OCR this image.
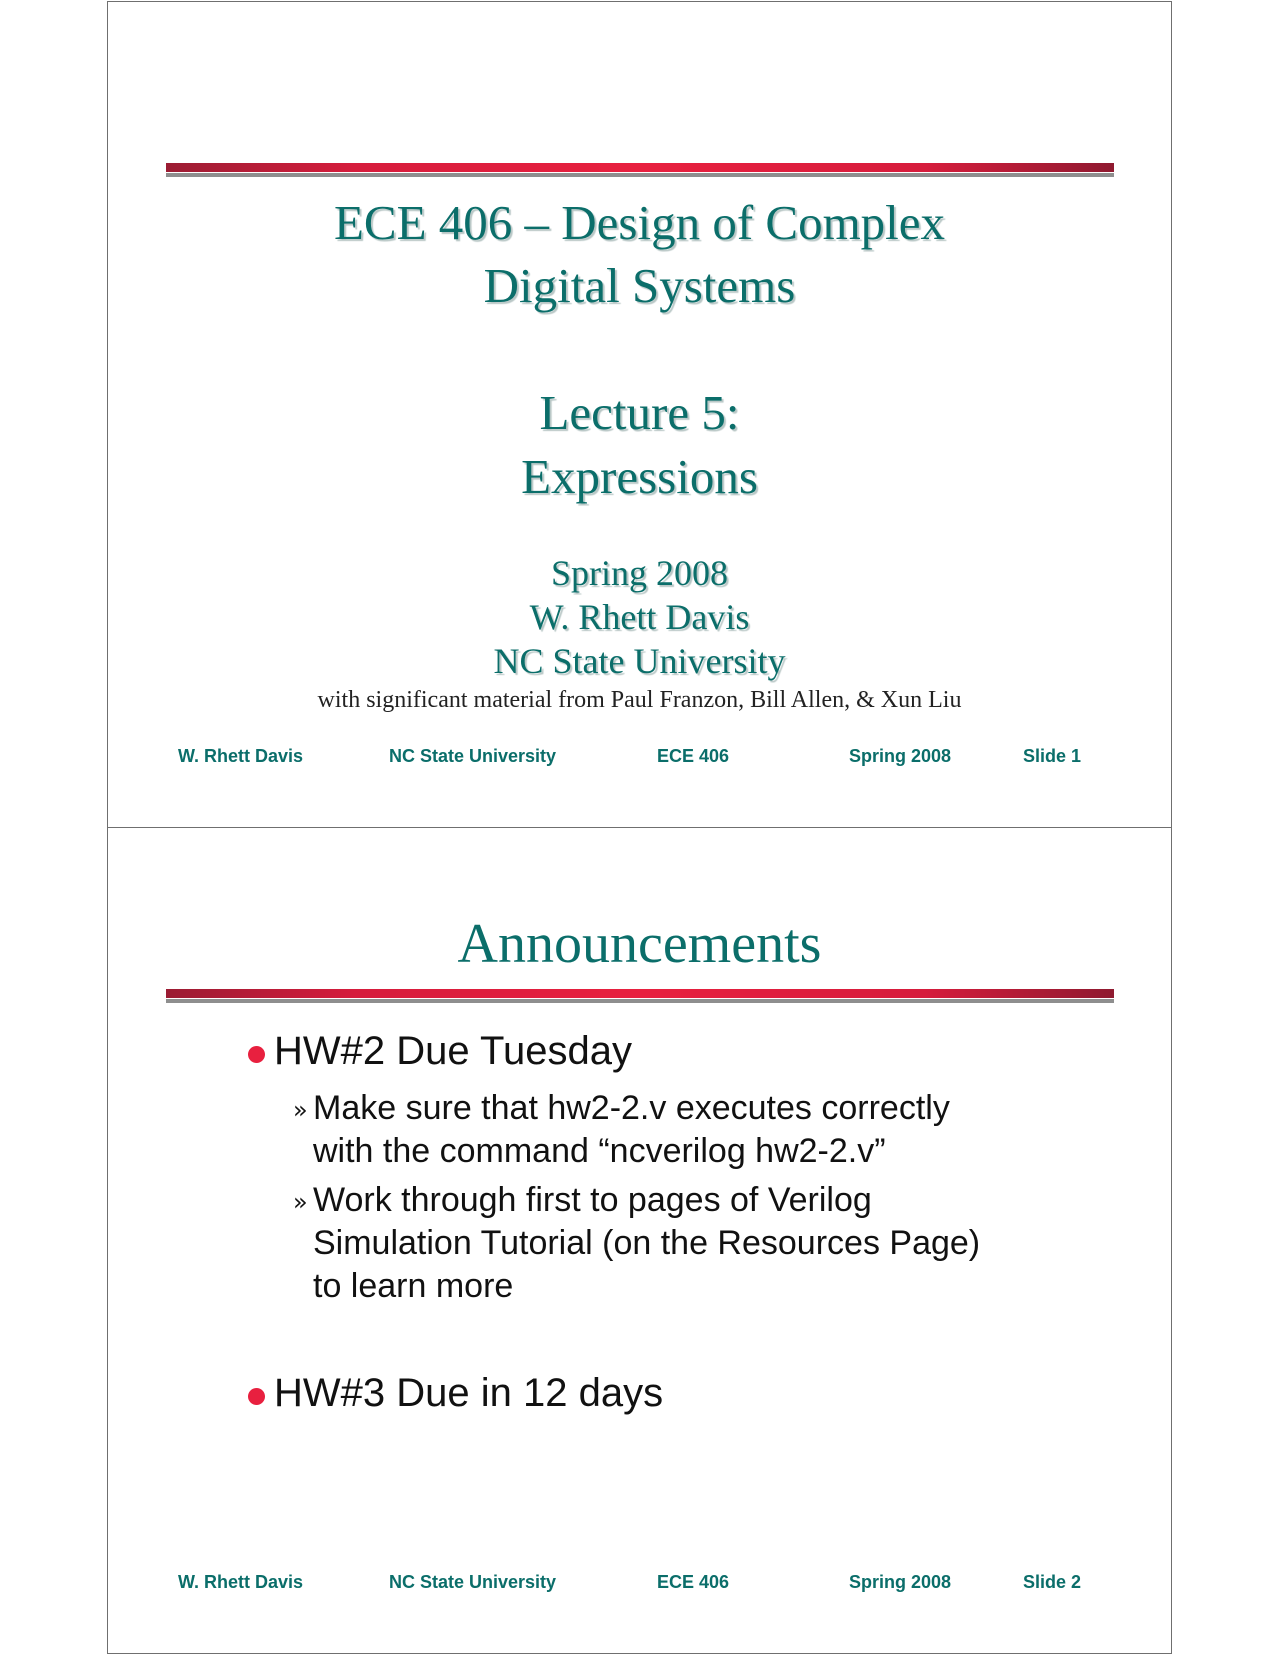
ECE 406 – Design of Complex

Digital Systems

Lecture 5:

Expressions

Spring 2008

W. Rhett Davis

NC State University

with significant material from Paul Franzon, Bill Allen, & Xun Liu

W. Rhett Davis	NC State University	ECE 406	Spring 2008	Slide 1

Announcements

HW#2 Due Tuesday
» Make sure that hw2-2.v executes correctly
with the command “ncverilog hw2-2.v”
» Work through first to pages of Verilog
Simulation Tutorial (on the Resources Page)
to learn more
HW#3 Due in 12 days
W. Rhett Davis	NC State University	ECE 406	Spring 2008	Slide 2
